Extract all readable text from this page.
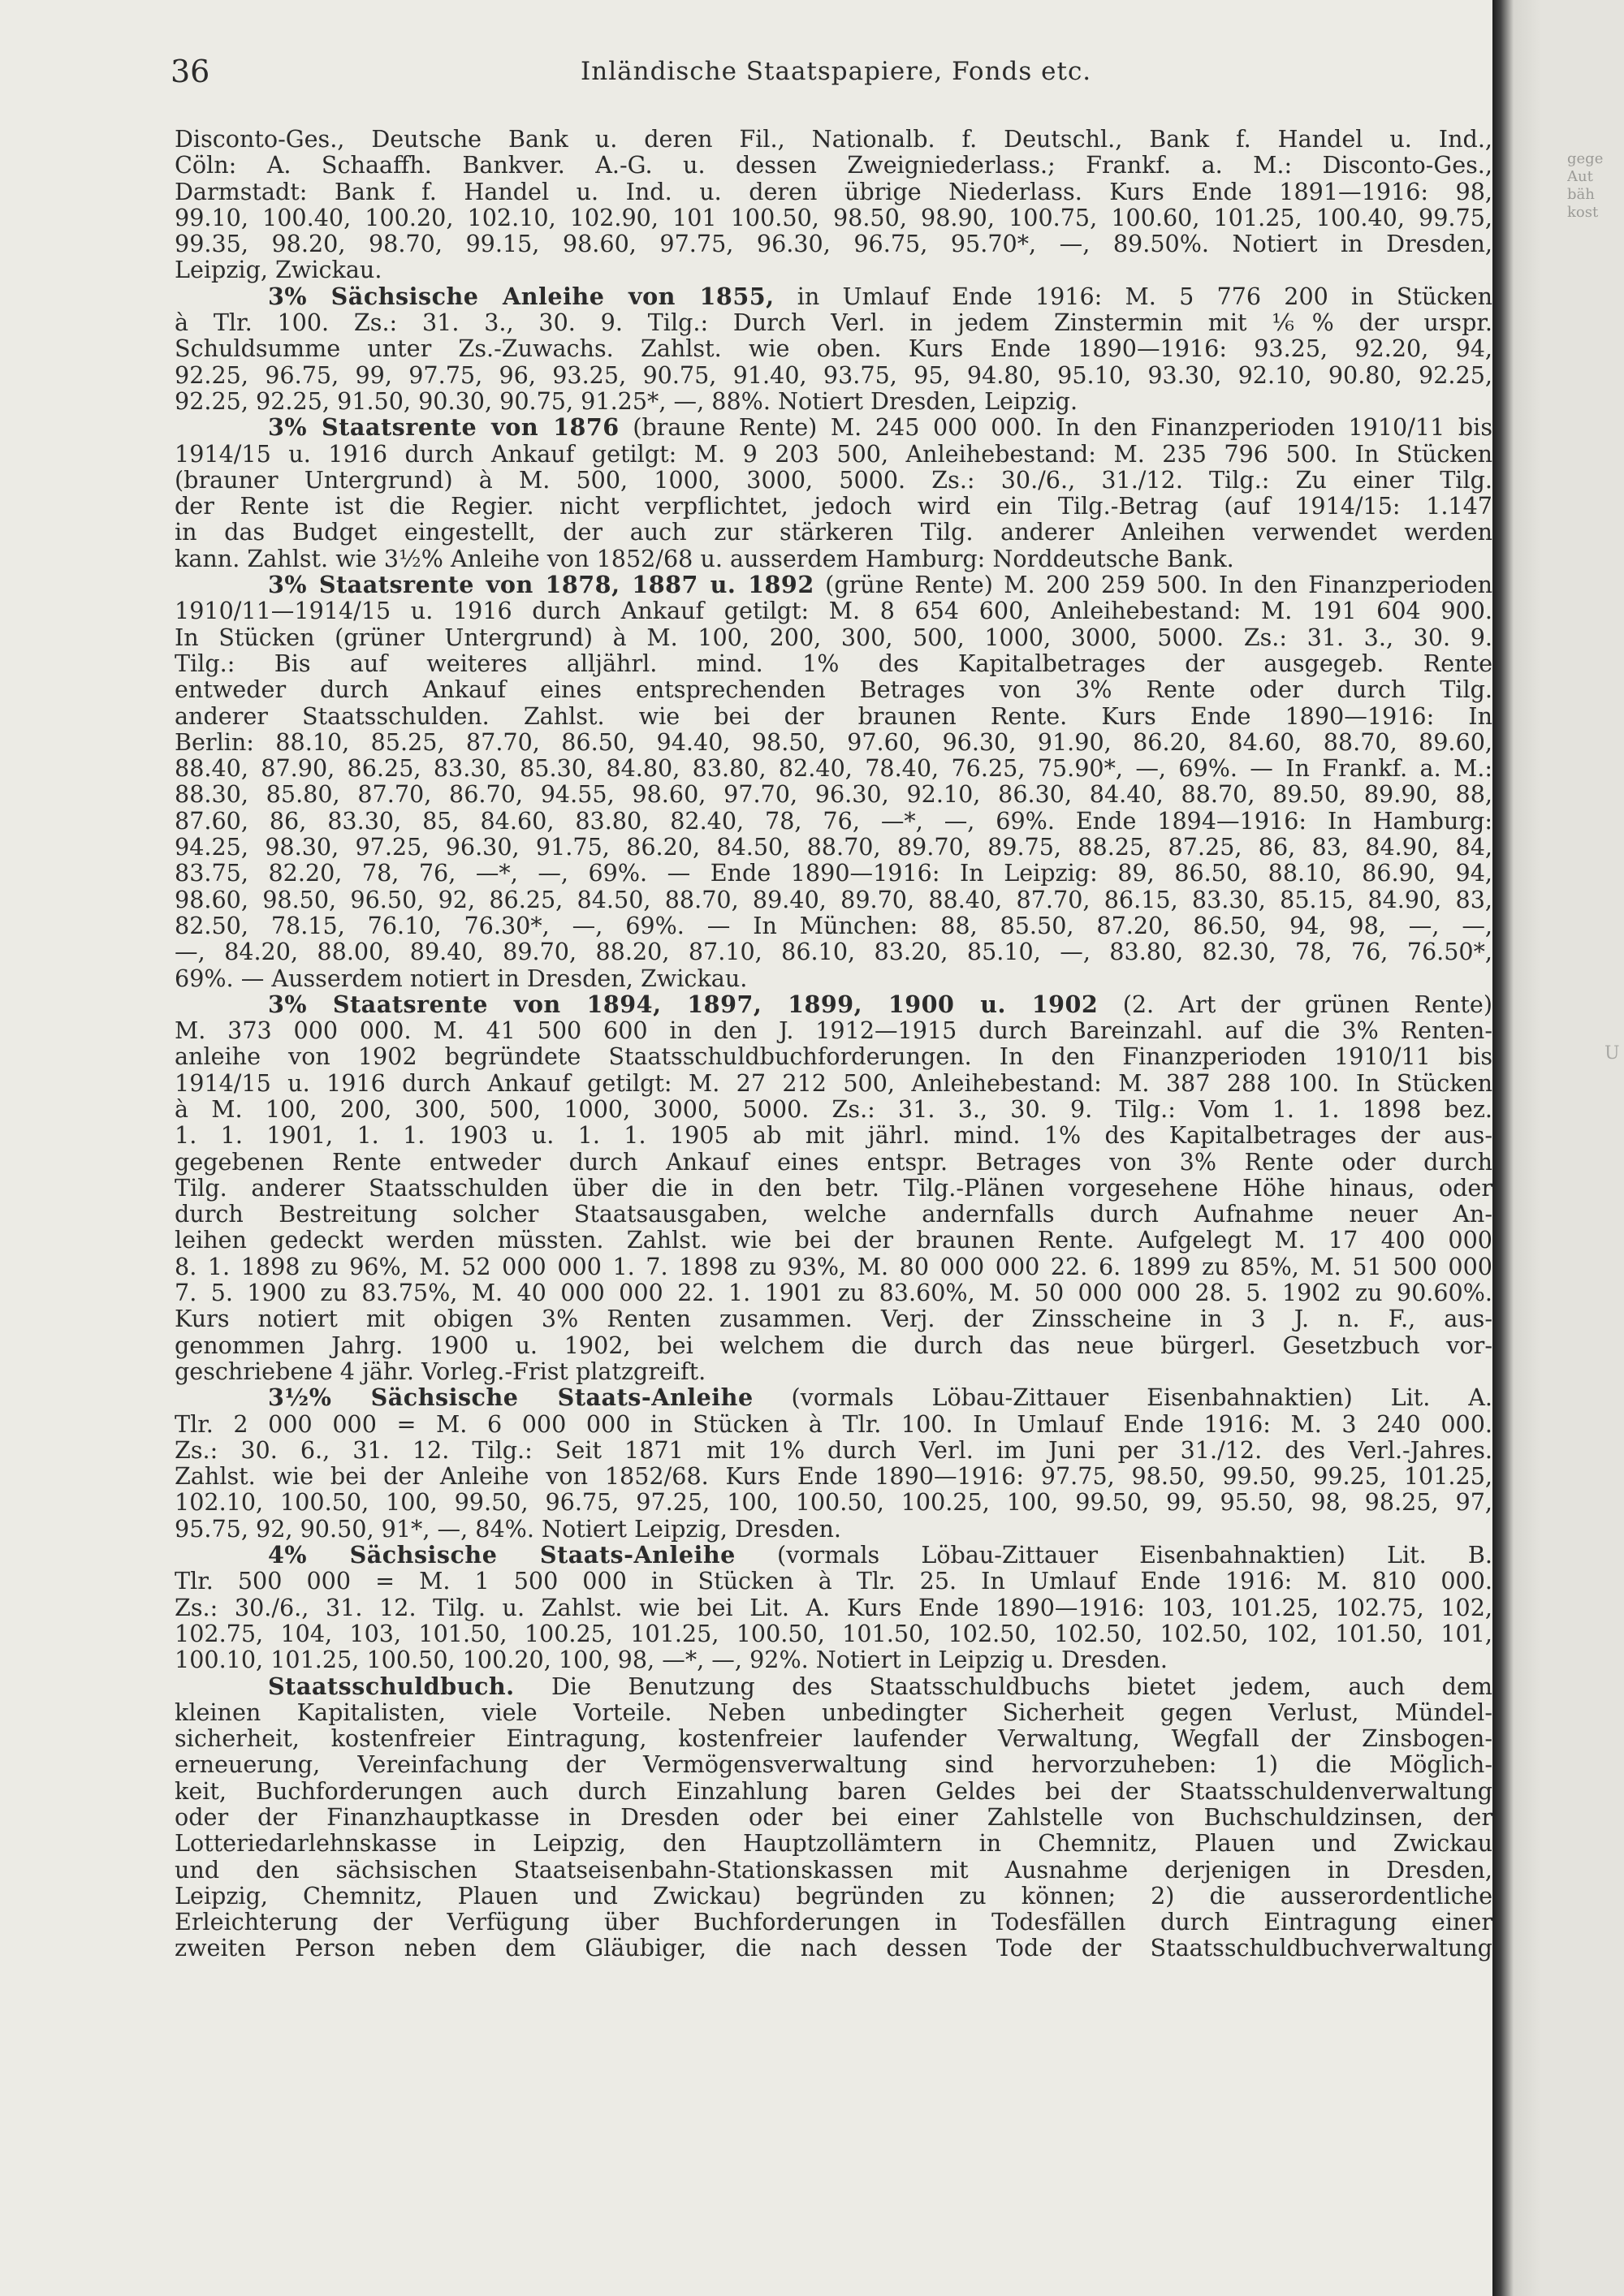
36	Inländische Staatspapiere, Fonds etc.
Disconto-Ges., Deutsche Bank u. deren Fil., Nationalb. f. Deutschl., Bank f. Handel u. Ind.,
Cöln: A. Schaaffh. Bankver. A.-G. u. dessen Zweigniederlass.; Frankf. a. M.: Disconto-Ges.,
Darmstadt: Bank f. Handel u. Ind. u. deren übrige Niederlass. Kurs Ende 1891—1916: 98,
99.10, 100.40, 100.20, 102.10, 102.90, 101 100.50, 98.50, 98.90, 100.75, 100.60, 101.25, 100.40, 99.75,
99.35, 98.20, 98.70, 99.15, 98.60, 97.75, 96.30, 96.75, 95.70*, —, 89.50%. Notiert in Dresden,
Leipzig, Zwickau.
3% Sächsische Anleihe von 1855, in Umlauf Ende 1916: M. 5 776 200 in Stücken
à Tlr. 100. Zs.: 31. 3., 30. 9. Tilg.: Durch Verl. in jedem Zinstermin mit ⅙% der urspr.
Schuldsumme unter Zs.-Zuwachs. Zahlst. wie oben. Kurs Ende 1890—1916: 93.25, 92.20, 94,
92.25, 96.75, 99, 97.75, 96, 93.25, 90.75, 91.40, 93.75, 95, 94.80, 95.10, 93.30, 92.10, 90.80, 92.25,
92.25, 92.25, 91.50, 90.30, 90.75, 91.25*, —, 88%. Notiert Dresden, Leipzig.
3% Staatsrente von 1876 (braune Rente) M. 245 000 000. In den Finanzperioden 1910/11 bis
1914/15 u. 1916 durch Ankauf getilgt: M. 9 203 500, Anleihebestand: M. 235 796 500. In Stücken
(brauner Untergrund) à M. 500, 1000, 3000, 5000. Zs.: 30./6., 31./12. Tilg.: Zu einer Tilg.
der Rente ist die Regier. nicht verpflichtet, jedoch wird ein Tilg.-Betrag (auf 1914/15: 1.147
in das Budget eingestellt, der auch zur stärkeren Tilg. anderer Anleihen verwendet werden
kann. Zahlst. wie 3½% Anleihe von 1852/68 u. ausserdem Hamburg: Norddeutsche Bank.
3% Staatsrente von 1878, 1887 u. 1892 (grüne Rente) M. 200 259 500. In den Finanzperioden
1910/11—1914/15 u. 1916 durch Ankauf getilgt: M. 8 654 600, Anleihebestand: M. 191 604 900.
In Stücken (grüner Untergrund) à M. 100, 200, 300, 500, 1000, 3000, 5000. Zs.: 31. 3., 30. 9.
Tilg.: Bis auf weiteres alljährl. mind. 1% des Kapitalbetrages der ausgegeb. Rente
entweder durch Ankauf eines entsprechenden Betrages von 3% Rente oder durch Tilg.
anderer Staatsschulden. Zahlst. wie bei der braunen Rente. Kurs Ende 1890—1916: In
Berlin: 88.10, 85.25, 87.70, 86.50, 94.40, 98.50, 97.60, 96.30, 91.90, 86.20, 84.60, 88.70, 89.60,
88.40, 87.90, 86.25, 83.30, 85.30, 84.80, 83.80, 82.40, 78.40, 76.25, 75.90*, —, 69%. — In Frankf. a. M.:
88.30, 85.80, 87.70, 86.70, 94.55, 98.60, 97.70, 96.30, 92.10, 86.30, 84.40, 88.70, 89.50, 89.90, 88,
87.60, 86, 83.30, 85, 84.60, 83.80, 82.40, 78, 76, —*, —, 69%. Ende 1894—1916: In Hamburg:
94.25, 98.30, 97.25, 96.30, 91.75, 86.20, 84.50, 88.70, 89.70, 89.75, 88.25, 87.25, 86, 83, 84.90, 84,
83.75, 82.20, 78, 76, —*, —, 69%. — Ende 1890—1916: In Leipzig: 89, 86.50, 88.10, 86.90, 94,
98.60, 98.50, 96.50, 92, 86.25, 84.50, 88.70, 89.40, 89.70, 88.40, 87.70, 86.15, 83.30, 85.15, 84.90, 83,
82.50, 78.15, 76.10, 76.30*, —, 69%. — In München: 88, 85.50, 87.20, 86.50, 94, 98, —, —,
—, 84.20, 88.00, 89.40, 89.70, 88.20, 87.10, 86.10, 83.20, 85.10, —, 83.80, 82.30, 78, 76, 76.50*,
69%. — Ausserdem notiert in Dresden, Zwickau.
3% Staatsrente von 1894, 1897, 1899, 1900 u. 1902 (2. Art der grünen Rente)
M. 373 000 000. M. 41 500 600 in den J. 1912—1915 durch Bareinzahl. auf die 3% Renten-
anleihe von 1902 begründete Staatsschuldbuchforderungen. In den Finanzperioden 1910/11 bis
1914/15 u. 1916 durch Ankauf getilgt: M. 27 212 500, Anleihebestand: M. 387 288 100. In Stücken
à M. 100, 200, 300, 500, 1000, 3000, 5000. Zs.: 31. 3., 30. 9. Tilg.: Vom 1. 1. 1898 bez.
1. 1. 1901, 1. 1. 1903 u. 1. 1. 1905 ab mit jährl. mind. 1% des Kapitalbetrages der aus-
gegebenen Rente entweder durch Ankauf eines entspr. Betrages von 3% Rente oder durch
Tilg. anderer Staatsschulden über die in den betr. Tilg.-Plänen vorgesehene Höhe hinaus, oder
durch Bestreitung solcher Staatsausgaben, welche andernfalls durch Aufnahme neuer An-
leihen gedeckt werden müssten. Zahlst. wie bei der braunen Rente. Aufgelegt M. 17 400 000
8. 1. 1898 zu 96%, M. 52 000 000 1. 7. 1898 zu 93%, M. 80 000 000 22. 6. 1899 zu 85%, M. 51 500 000
7. 5. 1900 zu 83.75%, M. 40 000 000 22. 1. 1901 zu 83.60%, M. 50 000 000 28. 5. 1902 zu 90.60%.
Kurs notiert mit obigen 3% Renten zusammen. Verj. der Zinsscheine in 3 J. n. F., aus-
genommen Jahrg. 1900 u. 1902, bei welchem die durch das neue bürgerl. Gesetzbuch vor-
geschriebene 4 jähr. Vorleg.-Frist platzgreift.
3½% Sächsische Staats-Anleihe (vormals Löbau-Zittauer Eisenbahnaktien) Lit. A.
Tlr. 2 000 000 = M. 6 000 000 in Stücken à Tlr. 100. In Umlauf Ende 1916: M. 3 240 000.
Zs.: 30. 6., 31. 12. Tilg.: Seit 1871 mit 1% durch Verl. im Juni per 31./12. des Verl.-Jahres.
Zahlst. wie bei der Anleihe von 1852/68. Kurs Ende 1890—1916: 97.75, 98.50, 99.50, 99.25, 101.25,
102.10, 100.50, 100, 99.50, 96.75, 97.25, 100, 100.50, 100.25, 100, 99.50, 99, 95.50, 98, 98.25, 97,
95.75, 92, 90.50, 91*, —, 84%. Notiert Leipzig, Dresden.
4% Sächsische Staats-Anleihe (vormals Löbau-Zittauer Eisenbahnaktien) Lit. B.
Tlr. 500 000 = M. 1 500 000 in Stücken à Tlr. 25. In Umlauf Ende 1916: M. 810 000.
Zs.: 30./6., 31. 12. Tilg. u. Zahlst. wie bei Lit. A. Kurs Ende 1890—1916: 103, 101.25, 102.75, 102,
102.75, 104, 103, 101.50, 100.25, 101.25, 100.50, 101.50, 102.50, 102.50, 102.50, 102, 101.50, 101,
100.10, 101.25, 100.50, 100.20, 100, 98, —*, —, 92%. Notiert in Leipzig u. Dresden.
Staatsschuldbuch. Die Benutzung des Staatsschuldbuchs bietet jedem, auch dem
kleinen Kapitalisten, viele Vorteile. Neben unbedingter Sicherheit gegen Verlust, Mündel-
sicherheit, kostenfreier Eintragung, kostenfreier laufender Verwaltung, Wegfall der Zinsbogen-
erneuerung, Vereinfachung der Vermögensverwaltung sind hervorzuheben: 1) die Möglich-
keit, Buchforderungen auch durch Einzahlung baren Geldes bei der Staatsschuldenverwaltung
oder der Finanzhauptkasse in Dresden oder bei einer Zahlstelle von Buchschuldzinsen, der
Lotteriedarlehnskasse in Leipzig, den Hauptzollämtern in Chemnitz, Plauen und Zwickau
und den sächsischen Staatseisenbahn-Stationskassen mit Ausnahme derjenigen in Dresden,
Leipzig, Chemnitz, Plauen und Zwickau) begründen zu können; 2) die ausserordentliche
Erleichterung der Verfügung über Buchforderungen in Todesfällen durch Eintragung einer
zweiten Person neben dem Gläubiger, die nach dessen Tode der Staatsschuldbuchverwaltung
gege
Aut
bäh
kost
U
